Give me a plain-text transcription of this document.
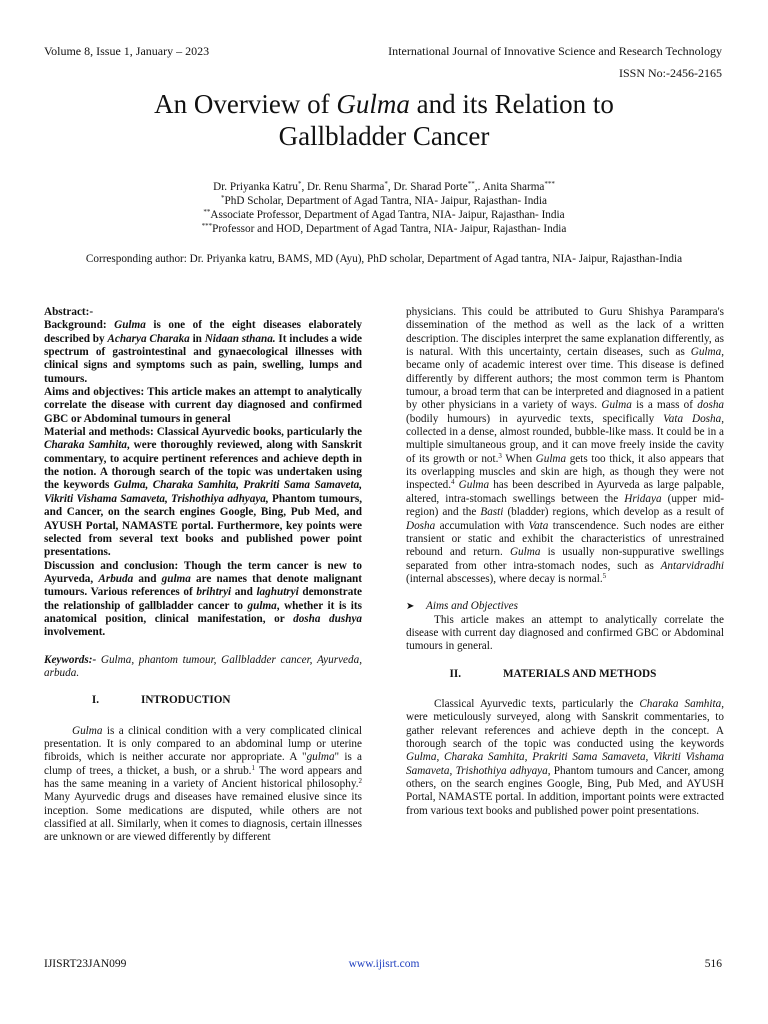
Volume 8, Issue 1, January – 2023	International Journal of Innovative Science and Research Technology
ISSN No:-2456-2165
An Overview of Gulma and its Relation to
Gallbladder Cancer
Dr. Priyanka Katru*, Dr. Renu Sharma*, Dr. Sharad Porte**,. Anita Sharma***
*PhD Scholar, Department of Agad Tantra, NIA- Jaipur, Rajasthan- India
**Associate Professor, Department of Agad Tantra, NIA- Jaipur, Rajasthan- India
***Professor and HOD, Department of Agad Tantra, NIA- Jaipur, Rajasthan- India
Corresponding author: Dr. Priyanka katru, BAMS, MD (Ayu), PhD scholar, Department of Agad tantra, NIA- Jaipur, Rajasthan-India

Abstract:-

Background: Gulma is one of the eight diseases elaborately described by Acharya Charaka in Nidaan sthana. It includes a wide spectrum of gastrointestinal and gynaecological illnesses with clinical signs and symptoms such as pain, swelling, lumps and tumours.

Aims and objectives: This article makes an attempt to analytically correlate the disease with current day diagnosed and confirmed GBC or Abdominal tumours in general

Material and methods: Classical Ayurvedic books, particularly the Charaka Samhita, were thoroughly reviewed, along with Sanskrit commentary, to acquire pertinent references and achieve depth in the notion. A thorough search of the topic was undertaken using the keywords Gulma, Charaka Samhita, Prakriti Sama Samaveta, Vikriti Vishama Samaveta, Trishothiya adhyaya, Phantom tumours, and Cancer, on the search engines Google, Bing, Pub Med, and AYUSH Portal, NAMASTE portal. Furthermore, key points were selected from several text books and published power point presentations.

Discussion and conclusion: Though the term cancer is new to Ayurveda, Arbuda and gulma are names that denote malignant tumours. Various references of brihtryi and laghutryi demonstrate the relationship of gallbladder cancer to gulma, whether it is its anatomical position, clinical manifestation, or dosha dushya involvement.

Keywords:- Gulma, phantom tumour, Gallbladder cancer, Ayurveda, arbuda.

I.	INTRODUCTION

Gulma is a clinical condition with a very complicated clinical presentation. It is only compared to an abdominal lump or uterine fibroids, which is neither accurate nor appropriate. A "gulma" is a clump of trees, a thicket, a bush, or a shrub.$^1$ The word appears and has the same meaning in a variety of Ancient historical philosophy.$^2$ Many Ayurvedic drugs and diseases have remained elusive since its inception. Some medications are disputed, while others are not classified at all. Similarly, when it comes to diagnosis, certain illnesses are unknown or are viewed differently by different

physicians. This could be attributed to Guru Shishya Parampara's dissemination of the method as well as the lack of a written description. The disciples interpret the same explanation differently, as is natural. With this uncertainty, certain diseases, such as Gulma, became only of academic interest over time. This disease is defined differently by different authors; the most common term is Phantom tumour, a broad term that can be interpreted and diagnosed in a patient by other physicians in a variety of ways. Gulma is a mass of dosha (bodily humours) in ayurvedic texts, specifically Vata Dosha, collected in a dense, almost rounded, bubble-like mass. It could be in a multiple simultaneous group, and it can move freely inside the cavity of its growth or not.$^3$ When Gulma gets too thick, it also appears that its overlapping muscles and skin are high, as though they were not inspected.$^4$ Gulma has been described in Ayurveda as large palpable, altered, intra-stomach swellings between the Hridaya (upper mid-region) and the Basti (bladder) regions, which develop as a result of Dosha accumulation with Vata transcendence. Such nodes are either transient or static and exhibit the characteristics of unrestrained rebound and return. Gulma is usually non-suppurative swellings separated from other intra-stomach nodes, such as Antarvidradhi (internal abscesses), where decay is normal.$^5$

➤	Aims and Objectives

This article makes an attempt to analytically correlate the disease with current day diagnosed and confirmed GBC or Abdominal tumours in general.

II.	MATERIALS AND METHODS

Classical Ayurvedic texts, particularly the Charaka Samhita, were meticulously surveyed, along with Sanskrit commentaries, to gather relevant references and achieve depth in the concept. A thorough search of the topic was conducted using the keywords Gulma, Charaka Samhita, Prakriti Sama Samaveta, Vikriti Vishama Samaveta, Trishothiya adhyaya, Phantom tumours and Cancer, among others, on the search engines Google, Bing, Pub Med, and AYUSH Portal, NAMASTE portal. In addition, important points were extracted from various text books and published power point presentations.

IJISRT23JAN099	www.ijisrt.com	516
